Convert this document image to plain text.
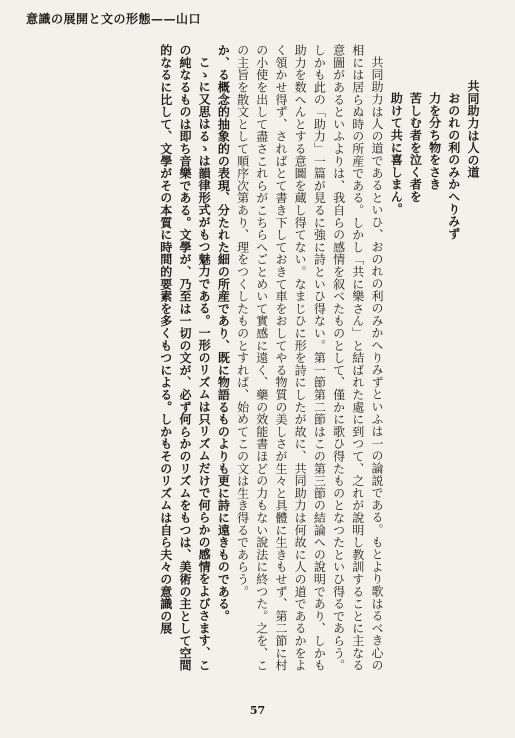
意識の展開と文の形態——山口

共同助力は人の道

おのれの利のみかへりみず

力を分ち物をさき

苦しむ者を泣く者を

助けて共に喜しまん。

共同助力は人の道であるといひ、おのれの利のみかへりみずといふは一の論説である。もとより歌はるべき心の相には居らぬ時の所産である。しかし「共に樂さん」と結ばれた處に到つて、之れが說明し教訓することに主なる意圖があるといふよりは、我自らの感情を叙べたものとして、僅かに歌ひ得たものとなつたといひ得るであらう。しかも此の「助力」一篇が見るに強に詩といひ得ない。第一節第二節はこの第三節の結論への說明であり、しかも助力を数へんとする意圖を蔵し得てない。なまじひに形を詩にしたが故に、共同助力は何故に人の道であるかをよく領かせ得ず、さればとて書き下しておきて車をおしてやる物質の美しさが生々と具體に生きもせず、第二節に村の小使を出して盡さこれらがこちらへごとめいて實感に遠く、藥の效能書ほどの力もない說法に終つた。之を、この主旨を散文として順序次第あり、理をつくしたものとすれば、始めてこの文は生き得るであらう。

か、る概念的抽象的の表現、分たれた細の所産であり、既に物語るものよりも更に詩に遠きものである。

こゝに又思はるゝは韻律形式がもつ魅力である。一形のリズムは只リズムだけで何らかの感情をよびさます、この純なるものは即ち音樂である。文學が、乃至は一切の文が、必ず何らかのリズムをもつは、美術の主として空間的なるに比して、文學がその本質に時間的要素を多くもつによる。しかもそのリズムは自ら夫々の意識の展

57
